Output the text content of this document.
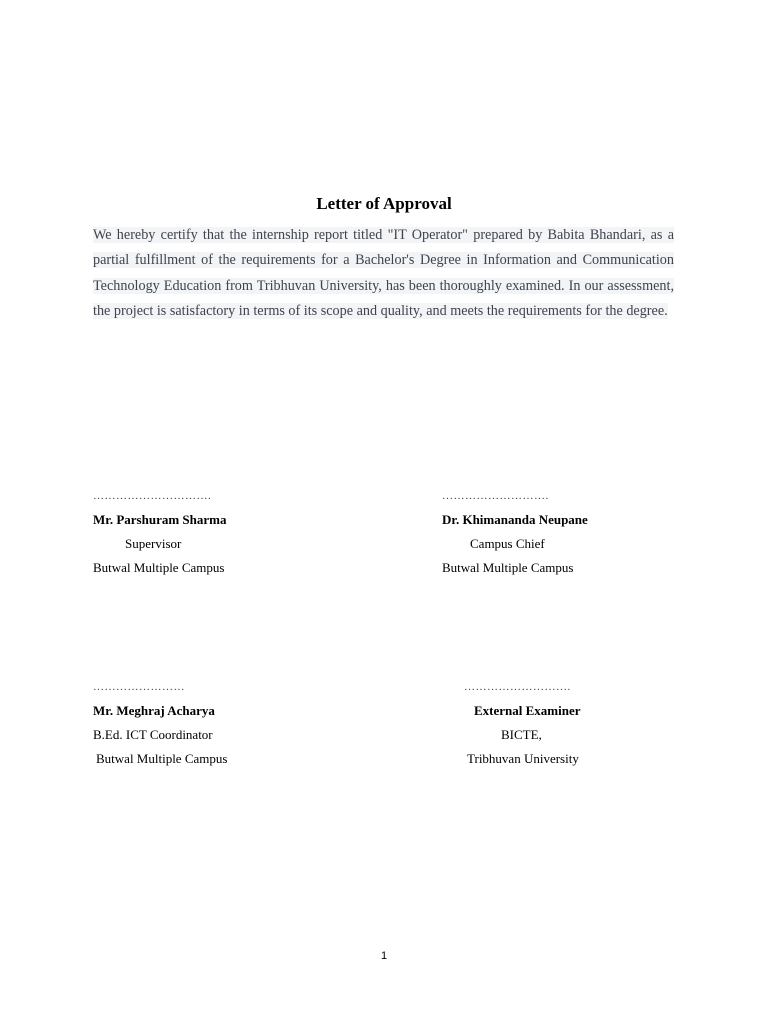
Letter of Approval
We hereby certify that the internship report titled "IT Operator" prepared by Babita Bhandari, as a partial fulfillment of the requirements for a Bachelor's Degree in Information and Communication Technology Education from Tribhuvan University, has been thoroughly examined. In our assessment, the project is satisfactory in terms of its scope and quality, and meets the requirements for the degree.
………………………….
Mr. Parshuram Sharma
Supervisor
Butwal Multiple Campus
……………………….
Dr. Khimananda Neupane
Campus Chief
Butwal Multiple Campus
……………………
Mr. Meghraj Acharya
B.Ed. ICT Coordinator
Butwal Multiple Campus
……………………….
External Examiner
BICTE,
Tribhuvan University
1
